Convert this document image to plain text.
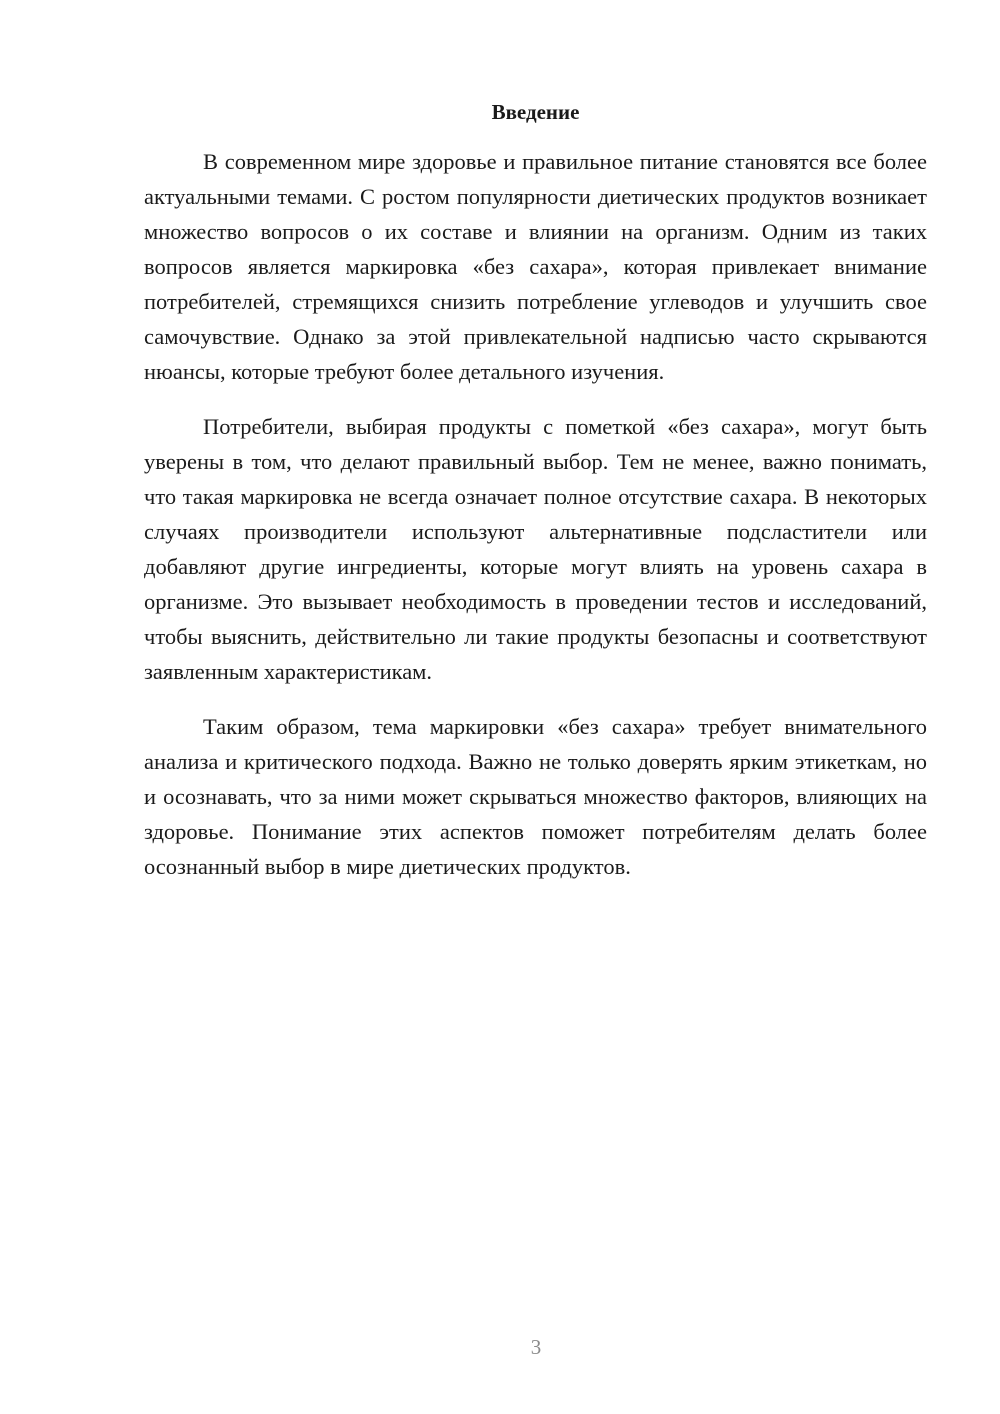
Введение

В современном мире здоровье и правильное питание становятся все более актуальными темами. С ростом популярности диетических продуктов возникает множество вопросов о их составе и влиянии на организм. Одним из таких вопросов является маркировка «без сахара», которая привлекает внимание потребителей, стремящихся снизить потребление углеводов и улучшить свое самочувствие. Однако за этой привлекательной надписью часто скрываются нюансы, которые требуют более детального изучения.

Потребители, выбирая продукты с пометкой «без сахара», могут быть уверены в том, что делают правильный выбор. Тем не менее, важно понимать, что такая маркировка не всегда означает полное отсутствие сахара. В некоторых случаях производители используют альтернативные подсластители или добавляют другие ингредиенты, которые могут влиять на уровень сахара в организме. Это вызывает необходимость в проведении тестов и исследований, чтобы выяснить, действительно ли такие продукты безопасны и соответствуют заявленным характеристикам.

Таким образом, тема маркировки «без сахара» требует внимательного анализа и критического подхода. Важно не только доверять ярким этикеткам, но и осознавать, что за ними может скрываться множество факторов, влияющих на здоровье. Понимание этих аспектов поможет потребителям делать более осознанный выбор в мире диетических продуктов.

3
